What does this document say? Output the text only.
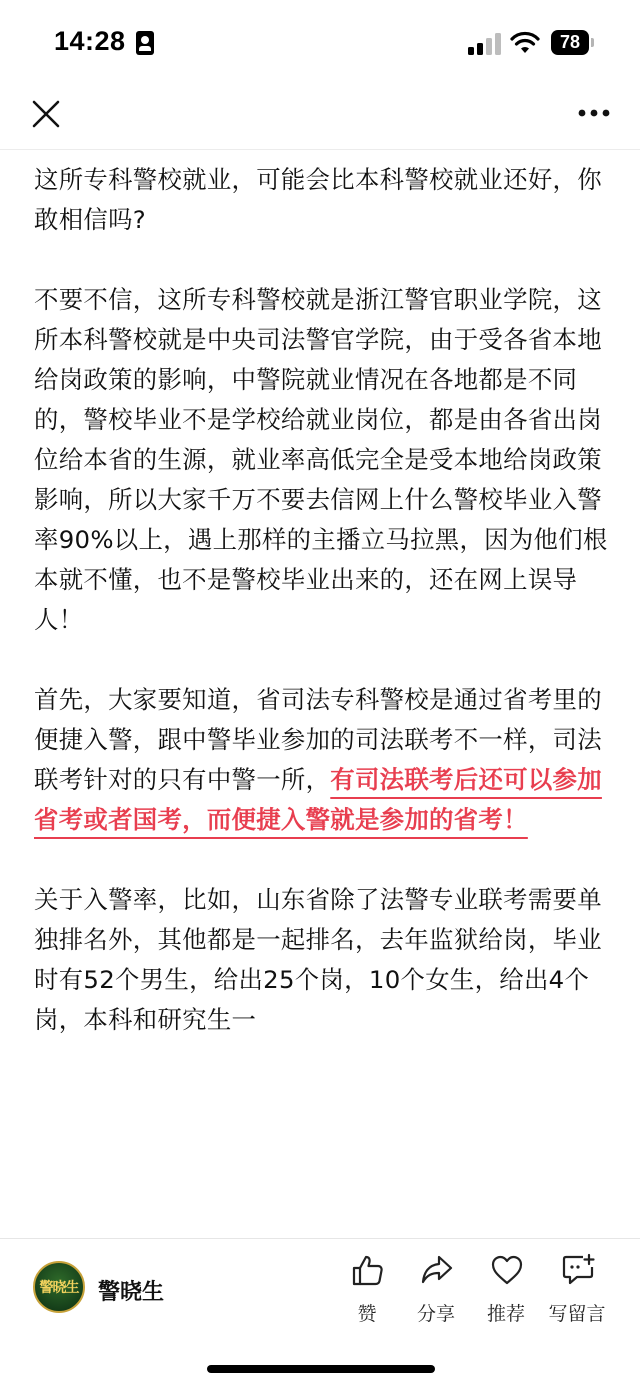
14:28	78

这所专科警校就业，可能会比本科警校就业还好，你敢相信吗?

不要不信，这所专科警校就是浙江警官职业学院，这所本科警校就是中央司法警官学院，由于受各省本地给岗政策的影响，中警院就业情况在各地都是不同的，警校毕业不是学校给就业岗位，都是由各省出岗位给本省的生源，就业率高低完全是受本地给岗政策影响，所以大家千万不要去信网上什么警校毕业入警率90%以上，遇上那样的主播立马拉黑，因为他们根本就不懂，也不是警校毕业出来的，还在网上误导人！

首先，大家要知道，省司法专科警校是通过省考里的便捷入警，跟中警毕业参加的司法联考不一样，司法联考针对的只有中警一所，有司法联考后还可以参加省考或者国考，而便捷入警就是参加的省考！

关于入警率，比如，山东省除了法警专业联考需要单独排名外，其他都是一起排名，去年监狱给岗，毕业时有52个男生，给出25个岗，10个女生，给出4个岗，本科和研究生一

警晓生 警晓生
赞	分享	推荐	写留言
